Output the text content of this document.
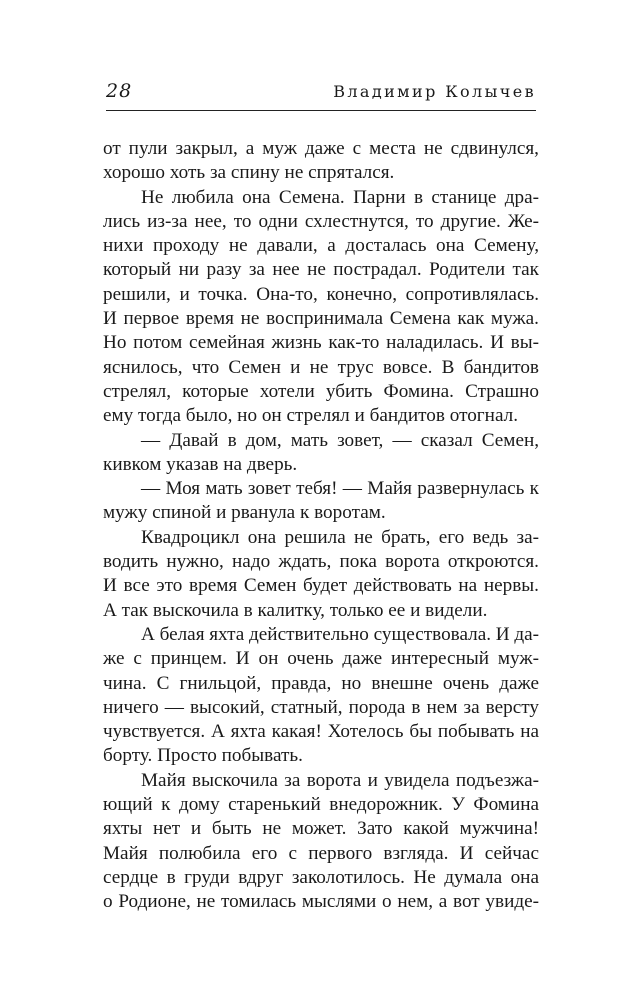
28	Владимир Колычев
от пули закрыл, а муж даже с места не сдвинулся,
хорошо хоть за спину не спрятался.
Не любила она Семена. Парни в станице дра-
лись из-за нее, то одни схлестнутся, то другие. Же-
нихи проходу не давали, а досталась она Семену,
который ни разу за нее не пострадал. Родители так
решили, и точка. Она-то, конечно, сопротивлялась.
И первое время не воспринимала Семена как мужа.
Но потом семейная жизнь как-то наладилась. И вы-
яснилось, что Семен и не трус вовсе. В бандитов
стрелял, которые хотели убить Фомина. Страшно
ему тогда было, но он стрелял и бандитов отогнал.
— Давай в дом, мать зовет, — сказал Семен,
кивком указав на дверь.
— Моя мать зовет тебя! — Майя развернулась к
мужу спиной и рванула к воротам.
Квадроцикл она решила не брать, его ведь за-
водить нужно, надо ждать, пока ворота откроются.
И все это время Семен будет действовать на нервы.
А так выскочила в калитку, только ее и видели.
А белая яхта действительно существовала. И да-
же с принцем. И он очень даже интересный муж-
чина. С гнильцой, правда, но внешне очень даже
ничего — высокий, статный, порода в нем за версту
чувствуется. А яхта какая! Хотелось бы побывать на
борту. Просто побывать.
Майя выскочила за ворота и увидела подъезжа-
ющий к дому старенький внедорожник. У Фомина
яхты нет и быть не может. Зато какой мужчина!
Майя полюбила его с первого взгляда. И сейчас
сердце в груди вдруг заколотилось. Не думала она
о Родионе, не томилась мыслями о нем, а вот увиде-
